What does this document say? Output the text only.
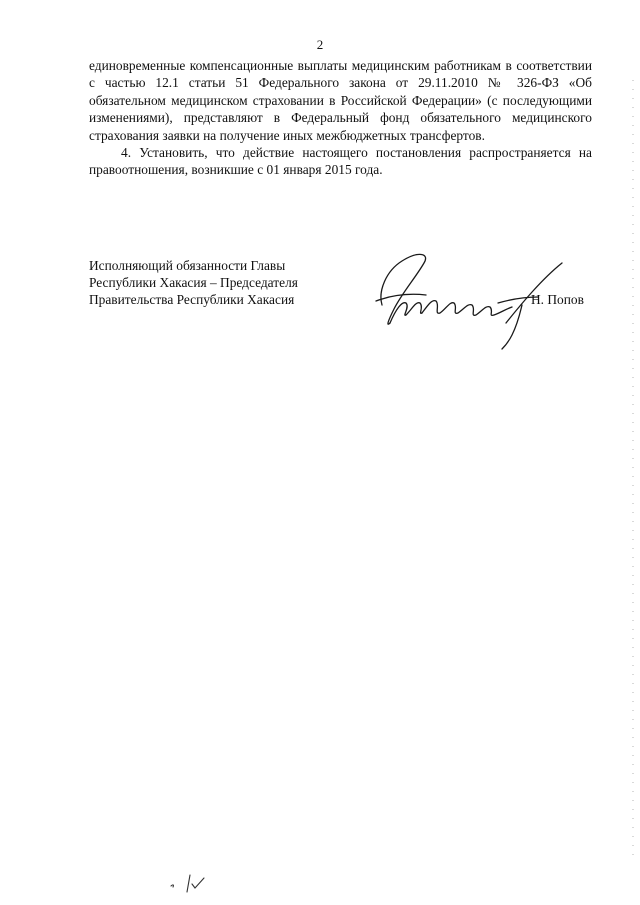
2

единовременные компенсационные выплаты медицинским работникам в соответствии с частью 12.1 статьи 51 Федерального закона от 29.11.2010 № 326-ФЗ «Об обязательном медицинском страховании в Российской Федерации» (с последующими изменениями), представляют в Федеральный фонд обязательного медицинского страхования заявки на получение иных межбюджетных трансфертов.

4. Установить, что действие настоящего постановления распространяется на правоотношения, возникшие с 01 января 2015 года.

Исполняющий обязанности Главы
Республики Хакасия – Председателя
Правительства Республики Хакасия	Н. Попов
